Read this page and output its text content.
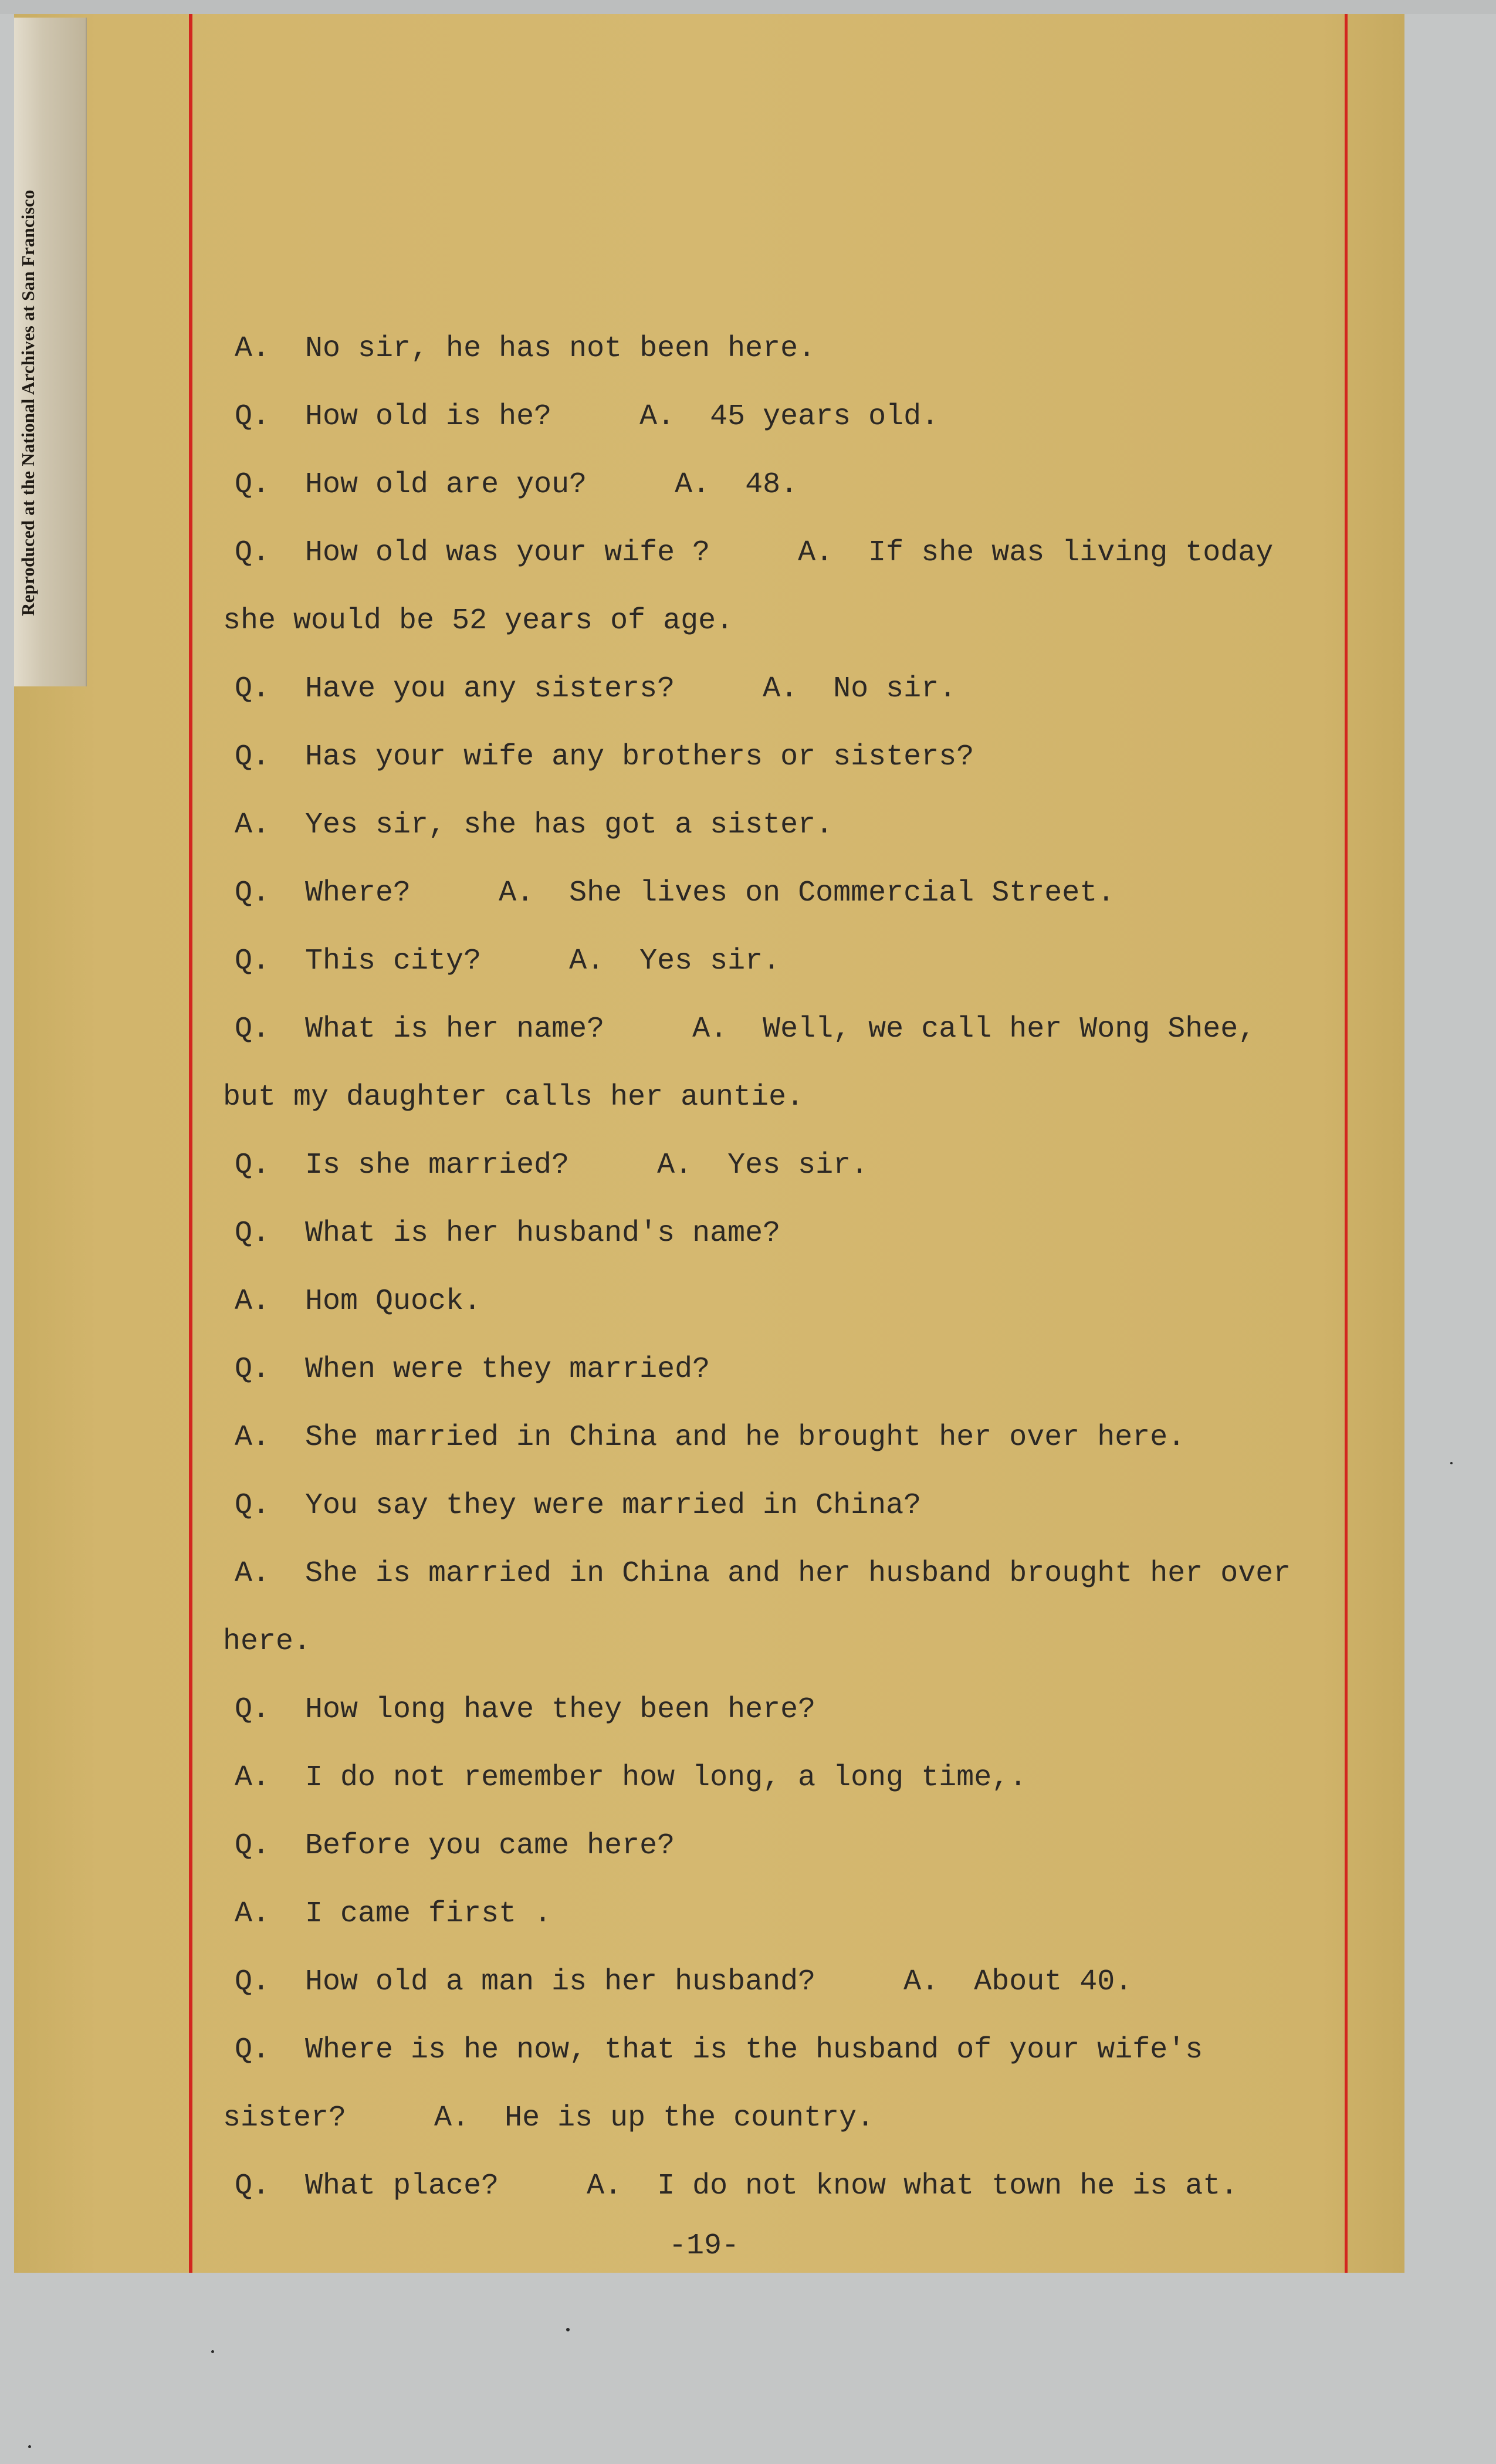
Reproduced at the National Archives at San Francisco	A.  No sir, he has not been here.
Q.  How old is he?     A.  45 years old.
Q.  How old are you?     A.  48.
Q.  How old was your wife ?     A.  If she was living today
she would be 52 years of age.
Q.  Have you any sisters?     A.  No sir.
Q.  Has your wife any brothers or sisters?
A.  Yes sir, she has got a sister.
Q.  Where?     A.  She lives on Commercial Street.
Q.  This city?     A.  Yes sir.
Q.  What is her name?     A.  Well, we call her Wong Shee,
but my daughter calls her auntie.
Q.  Is she married?     A.  Yes sir.
Q.  What is her husband's name?
A.  Hom Quock.
Q.  When were they married?
A.  She married in China and he brought her over here.
Q.  You say they were married in China?
A.  She is married in China and her husband brought her over
here.
Q.  How long have they been here?
A.  I do not remember how long, a long time,.
Q.  Before you came here?
A.  I came first .
Q.  How old a man is her husband?     A.  About 40.
Q.  Where is he now, that is the husband of your wife's
sister?     A.  He is up the country.
Q.  What place?     A.  I do not know what town he is at.
-19-
